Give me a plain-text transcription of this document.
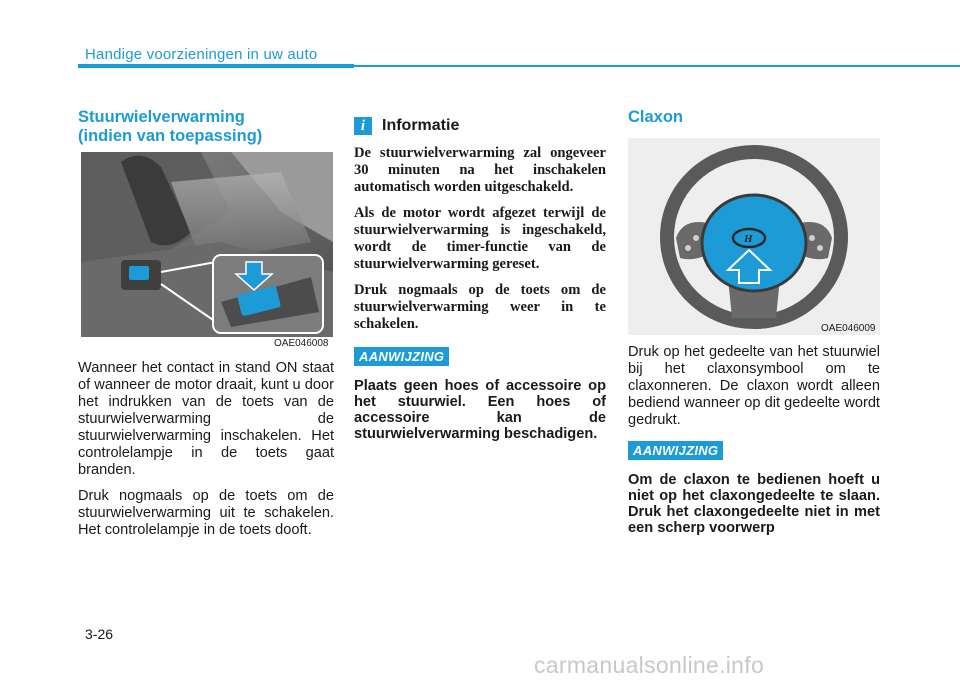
Handige voorzieningen in uw auto
Stuurwielverwarming
(indien van toepassing)
OAE046008

Wanneer het contact in stand ON staat of wanneer de motor draait, kunt u door het indrukken van de toets van de stuurwielverwarming de stuurwielverwarming inschakelen. Het controlelampje in de toets gaat branden.

Druk nogmaals op de toets om de stuurwielverwarming uit te schakelen. Het controlelampje in de toets dooft.

i	Informatie

De stuurwielverwarming zal ongeveer 30 minuten na het inschakelen automatisch worden uitgeschakeld.

Als de motor wordt afgezet terwijl de stuurwielverwarming is ingeschakeld, wordt de timer-functie van de stuurwielverwarming gereset.

Druk nogmaals op de toets om de stuurwielverwarming weer in te schakelen.

AANWIJZING

Plaats geen hoes of accessoire op het stuurwiel. Een hoes of accessoire kan de stuurwielverwarming beschadigen.

Claxon
H
OAE046009

Druk op het gedeelte van het stuurwiel bij het claxonsymbool om te claxonneren. De claxon wordt alleen bediend wanneer op dit gedeelte wordt gedrukt.

AANWIJZING

Om de claxon te bedienen hoeft u niet op het claxongedeelte te slaan. Druk het claxongedeelte niet in met een scherp voorwerp

3-26
carmanualsonline.info
